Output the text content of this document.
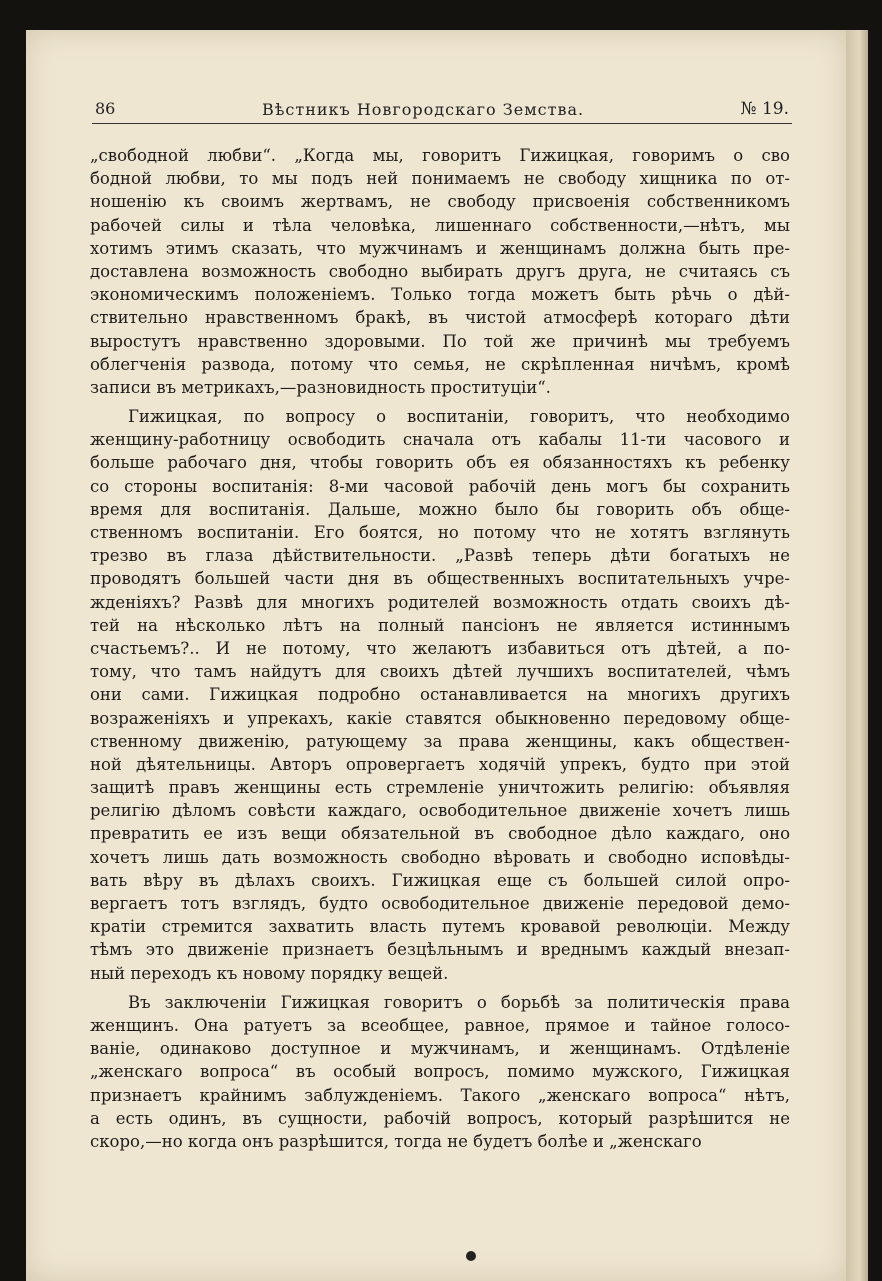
86	Вѣстникъ Новгородскаго Земства.	№ 19.
„свободной любви“. „Когда мы, говоритъ Гижицкая, говоримъ о сво
бодной любви, то мы подъ ней понимаемъ не свободу хищника по от-
ношенію къ своимъ жертвамъ, не свободу присвоенія собственникомъ
рабочей силы и тѣла человѣка, лишеннаго собственности,—нѣтъ, мы
хотимъ этимъ сказать, что мужчинамъ и женщинамъ должна быть пре-
доставлена возможность свободно выбирать другъ друга, не считаясь съ
экономическимъ положеніемъ. Только тогда можетъ быть рѣчь о дѣй-
ствительно нравственномъ бракѣ, въ чистой атмосферѣ котораго дѣти
выростутъ нравственно здоровыми. По той же причинѣ мы требуемъ
облегченія развода, потому что семья, не скрѣпленная ничѣмъ, кромѣ
записи въ метрикахъ,—разновидность проституціи“.
Гижицкая, по вопросу о воспитаніи, говоритъ, что необходимо
женщину-работницу освободить сначала отъ кабалы 11-ти часового и
больше рабочаго дня, чтобы говорить объ ея обязанностяхъ къ ребенку
со стороны воспитанія: 8-ми часовой рабочій день могъ бы сохранить
время для воспитанія. Дальше, можно было бы говорить объ обще-
ственномъ воспитаніи. Его боятся, но потому что не хотятъ взглянуть
трезво въ глаза дѣйствительности. „Развѣ теперь дѣти богатыхъ не
проводятъ большей части дня въ общественныхъ воспитательныхъ учре-
жденіяхъ? Развѣ для многихъ родителей возможность отдать своихъ дѣ-
тей на нѣсколько лѣтъ на полный пансіонъ не является истиннымъ
счастьемъ?.. И не потому, что желаютъ избавиться отъ дѣтей, а по-
тому, что тамъ найдутъ для своихъ дѣтей лучшихъ воспитателей, чѣмъ
они сами. Гижицкая подробно останавливается на многихъ другихъ
возраженіяхъ и упрекахъ, какіе ставятся обыкновенно передовому обще-
ственному движенію, ратующему за права женщины, какъ обществен-
ной дѣятельницы. Авторъ опровергаетъ ходячій упрекъ, будто при этой
защитѣ правъ женщины есть стремленіе уничтожить религію: объявляя
религію дѣломъ совѣсти каждаго, освободительное движеніе хочетъ лишь
превратить ее изъ вещи обязательной въ свободное дѣло каждаго, оно
хочетъ лишь дать возможность свободно вѣровать и свободно исповѣды-
вать вѣру въ дѣлахъ своихъ. Гижицкая еще съ большей силой опро-
вергаетъ тотъ взглядъ, будто освободительное движеніе передовой демо-
кратіи стремится захватить власть путемъ кровавой революціи. Между
тѣмъ это движеніе признаетъ безцѣльнымъ и вреднымъ каждый внезап-
ный переходъ къ новому порядку вещей.
Въ заключеніи Гижицкая говоритъ о борьбѣ за политическія права
женщинъ. Она ратуетъ за всеобщее, равное, прямое и тайное голосо-
ваніе, одинаково доступное и мужчинамъ, и женщинамъ. Отдѣленіе
„женскаго вопроса“ въ особый вопросъ, помимо мужского, Гижицкая
признаетъ крайнимъ заблужденіемъ. Такого „женскаго вопроса“ нѣтъ,
а есть одинъ, въ сущности, рабочій вопросъ, который разрѣшится не
скоро,—но когда онъ разрѣшится, тогда не будетъ болѣе и „женскаго
